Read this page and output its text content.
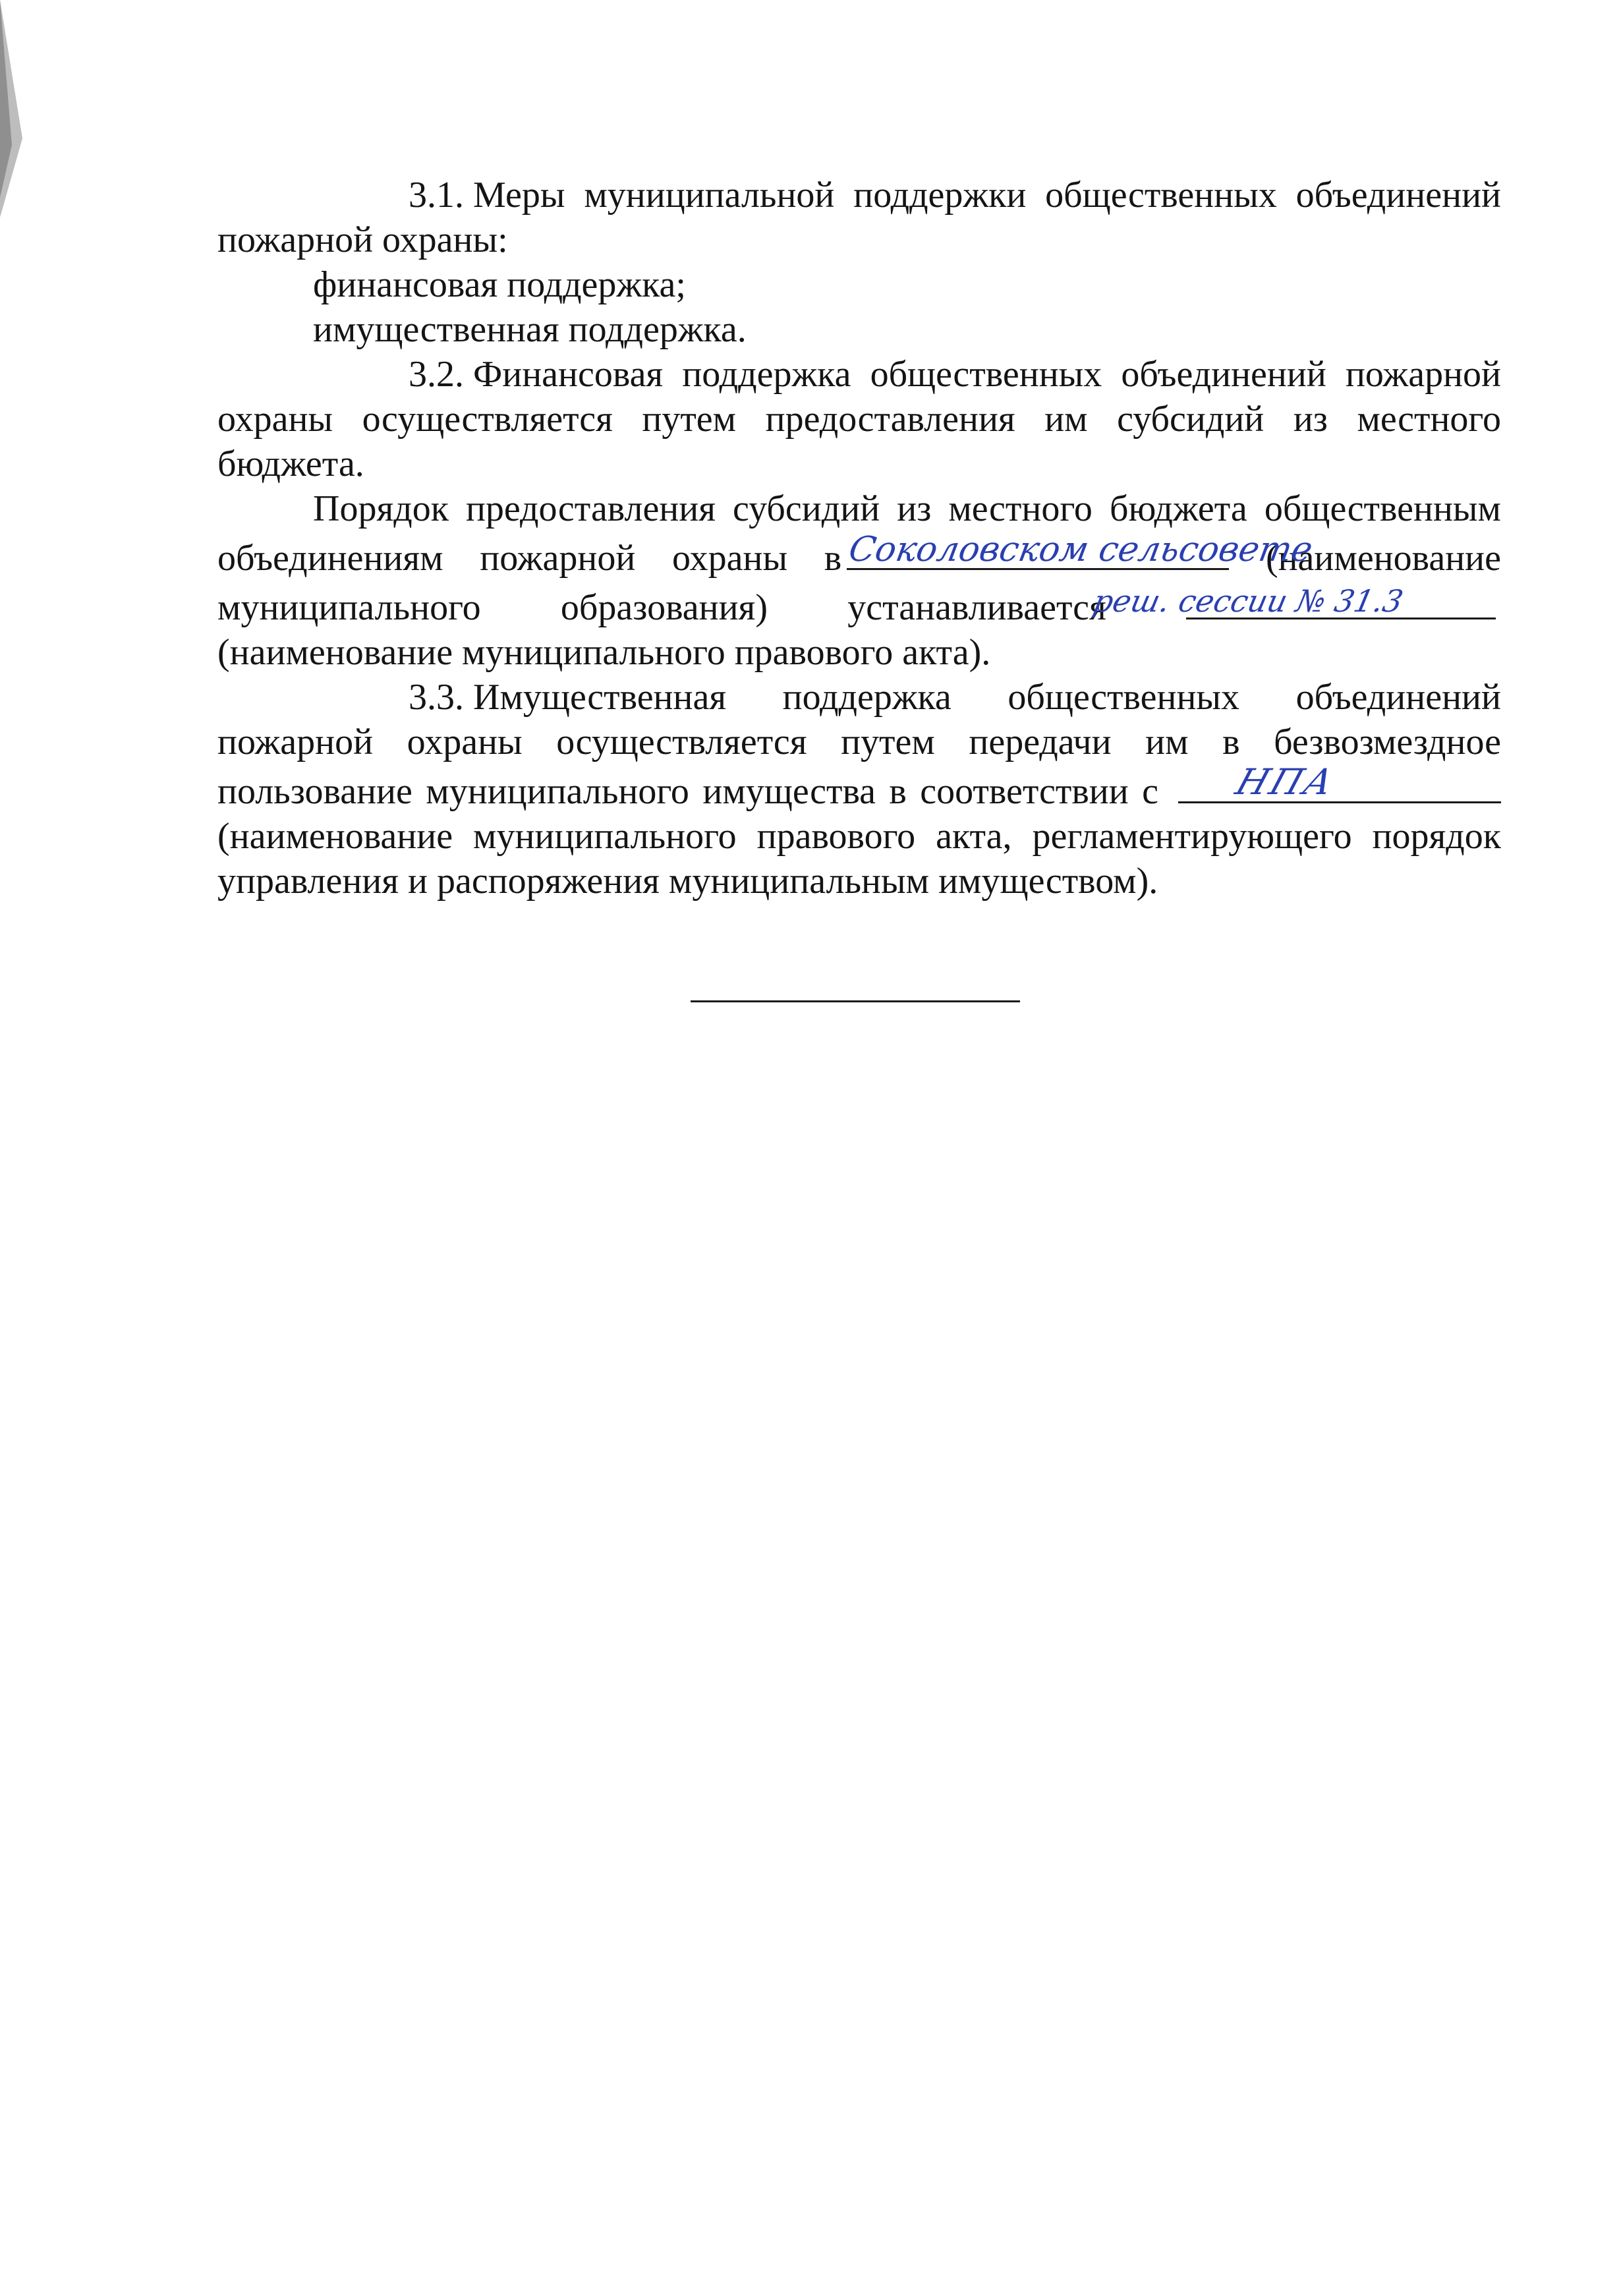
3.1. Меры муниципальной поддержки общественных объединений пожарной охраны:

финансовая поддержка;

имущественная поддержка.

3.2. Финансовая поддержка общественных объединений пожарной охраны осуществляется путем предоставления им субсидий из местного бюджета.

Порядок предоставления субсидий из местного бюджета общественным объединениям пожарной охраны в Соколовском сельсовете
(наименование муниципального образования) устанавливается
реш. сессии № 31.3
(наименование муниципального правового акта).

3.3. Имущественная поддержка общественных объединений пожарной охраны осуществляется путем передачи им в безвозмездное пользование муниципального имущества в соответствии с НПА
(наименование муниципального правового акта, регламентирующего порядок управления и распоряжения муниципальным имуществом).
